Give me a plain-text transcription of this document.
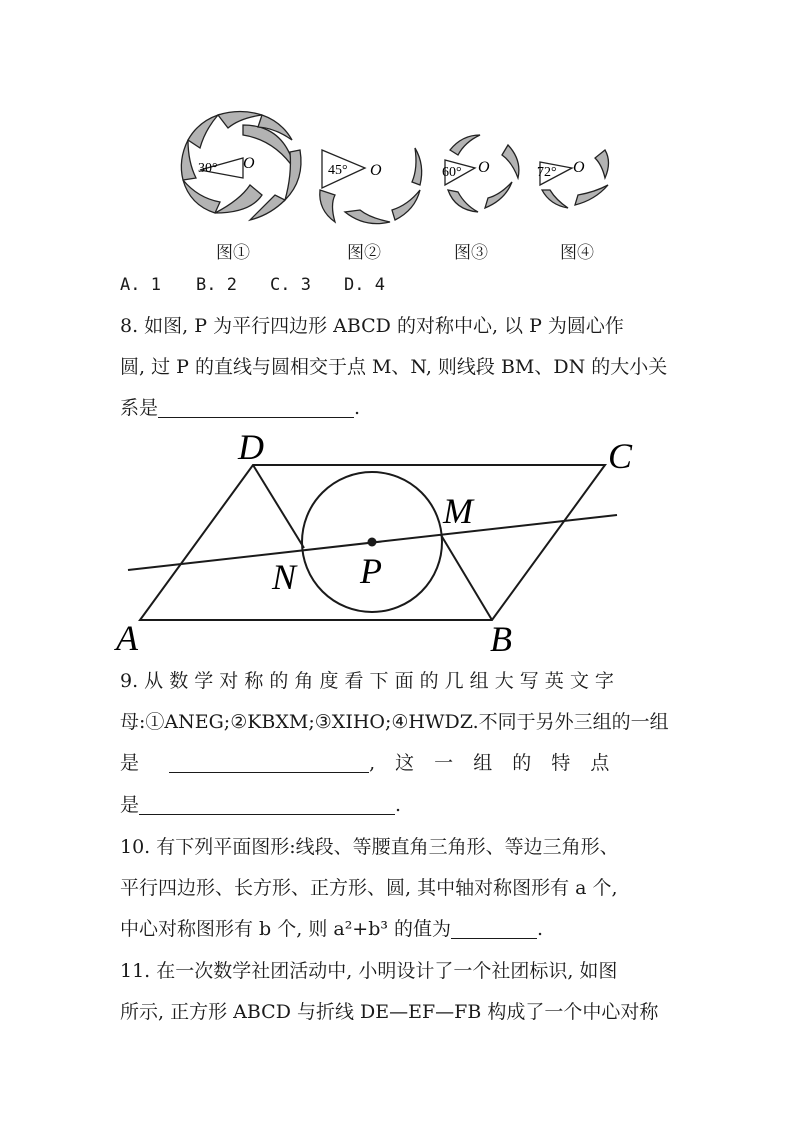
30° O	45° O	60° O	72° O
图①	图②	图③	图④
A. 1 B. 2 C. 3 D. 4
8. 如图, P 为平行四边形 ABCD 的对称中心, 以 P 为圆心作
圆, 过 P 的直线与圆相交于点 M、N, 则线段 BM、DN 的大小关
系是	.
A	B
C
D
M
N P
9. 从 数 学 对 称 的 角 度 看 下 面 的 几 组 大 写 英 文 字
母:①ANEG;②KBXM;③XIHO;④HWDZ.不同于另外三组的一组
是	, 这 一 组 的 特 点
是	.
10. 有下列平面图形:线段、等腰直角三角形、等边三角形、
平行四边形、长方形、正方形、圆, 其中轴对称图形有 a 个,
中心对称图形有 b 个, 则 a²+b³ 的值为	.
11. 在一次数学社团活动中, 小明设计了一个社团标识, 如图
所示, 正方形 ABCD 与折线 DE—EF—FB 构成了一个中心对称
